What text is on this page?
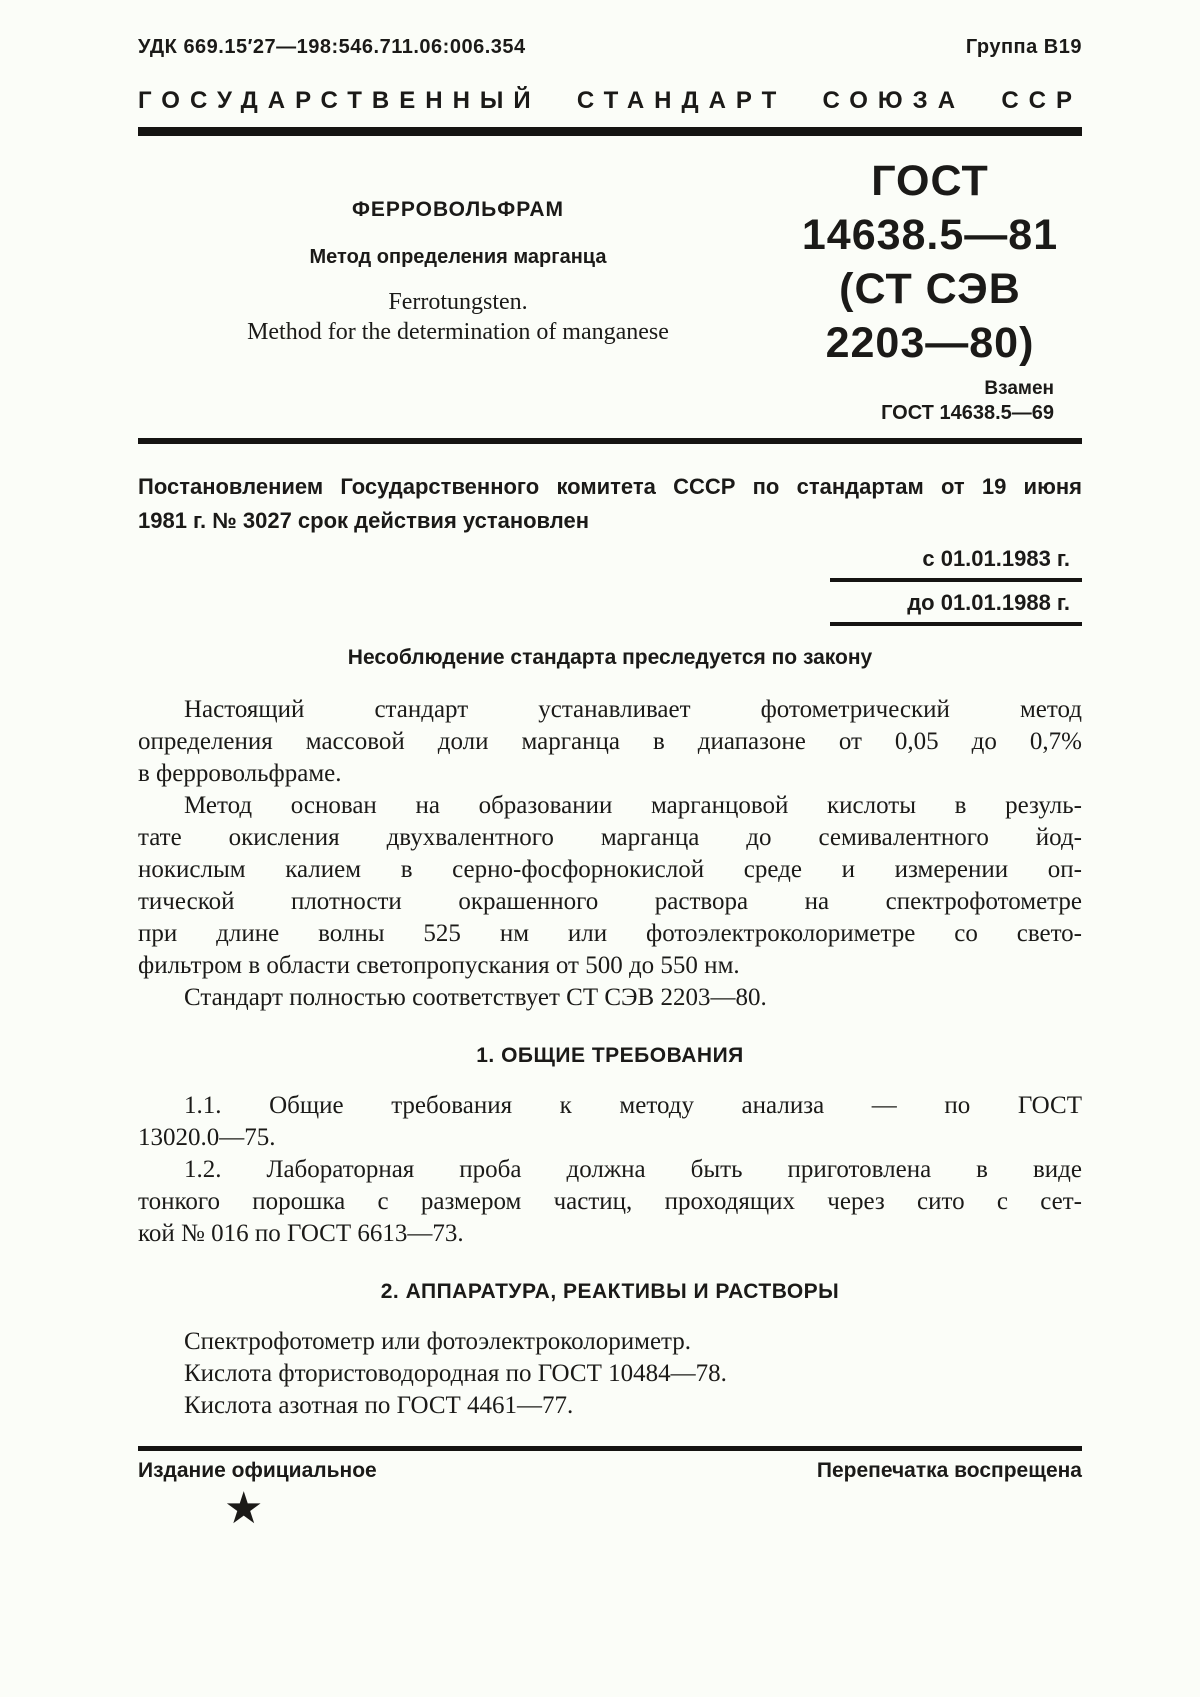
УДК 669.15′27—198:546.711.06:006.354	Группа В19
ГОСУДАРСТВЕННЫЙ СТАНДАРТ СОЮЗА ССР
ФЕРРОВОЛЬФРАМ
Метод определения марганца
Ferrotungsten.
Method for the determination of manganese
ГОСТ
14638.5—81
(СТ СЭВ
2203—80)
Взамен
ГОСТ 14638.5—69
Постановлением Государственного комитета СССР по стандартам от 19 июня
1981 г. № 3027 срок действия установлен
с 01.01.1983 г.
до 01.01.1988 г.
Несоблюдение стандарта преследуется по закону
Настоящий стандарт устанавливает фотометрический метод
определения массовой доли марганца в диапазоне от 0,05 до 0,7%
в ферровольфраме.
Метод основан на образовании марганцовой кислоты в резуль-
тате окисления двухвалентного марганца до семивалентного йод-
нокислым калием в серно-фосфорнокислой среде и измерении оп-
тической плотности окрашенного раствора на спектрофотометре
при длине волны 525 нм или фотоэлектроколориметре со свето-
фильтром в области светопропускания от 500 до 550 нм.
Стандарт полностью соответствует СТ СЭВ 2203—80.
1. ОБЩИЕ ТРЕБОВАНИЯ
1.1. Общие требования к методу анализа — по ГОСТ
13020.0—75.
1.2. Лабораторная проба должна быть приготовлена в виде
тонкого порошка с размером частиц, проходящих через сито с сет-
кой № 016 по ГОСТ 6613—73.
2. АППАРАТУРА, РЕАКТИВЫ И РАСТВОРЫ
Спектрофотометр или фотоэлектроколориметр.
Кислота фтористоводородная по ГОСТ 10484—78.
Кислота азотная по ГОСТ 4461—77.
Издание официальное	Перепечатка воспрещена
★
